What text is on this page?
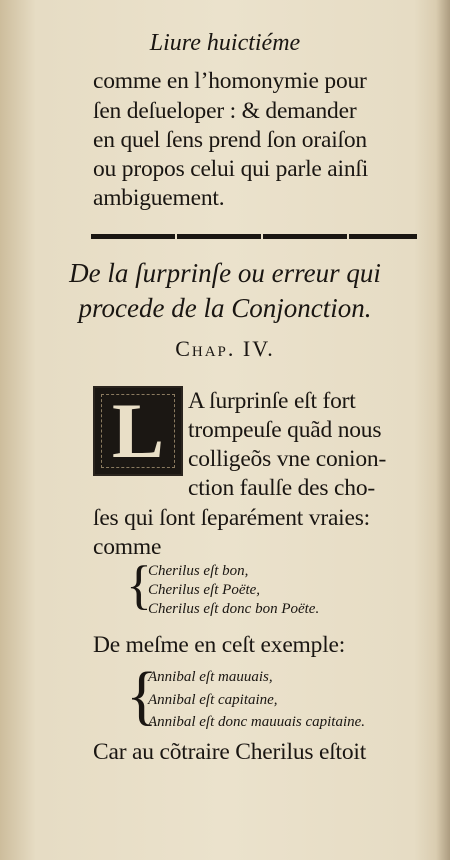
Liure huictiéme
comme en l’homonymie pour
ſen deſueloper : & demander
en quel ſens prend ſon oraiſon
ou propos celui qui parle ainſi
ambiguement.
De la ſurprinſe ou erreur qui
procede de la Conjonction.
Chap. IV.
L A ſurprinſe eſt fort
trompeuſe quãd nous
colligeõs vne conion-
ction faulſe des cho-
ſes qui ſont ſeparément vraies:
comme
{
Cherilus eſt bon,
Cherilus eſt Poëte,
Cherilus eſt donc bon Poëte.
De meſme en ceſt exemple:
{
Annibal eſt mauuais,
Annibal eſt capitaine,
Annibal eſt donc mauuais capitaine.
Car au cõtraire Cherilus eſtoit
